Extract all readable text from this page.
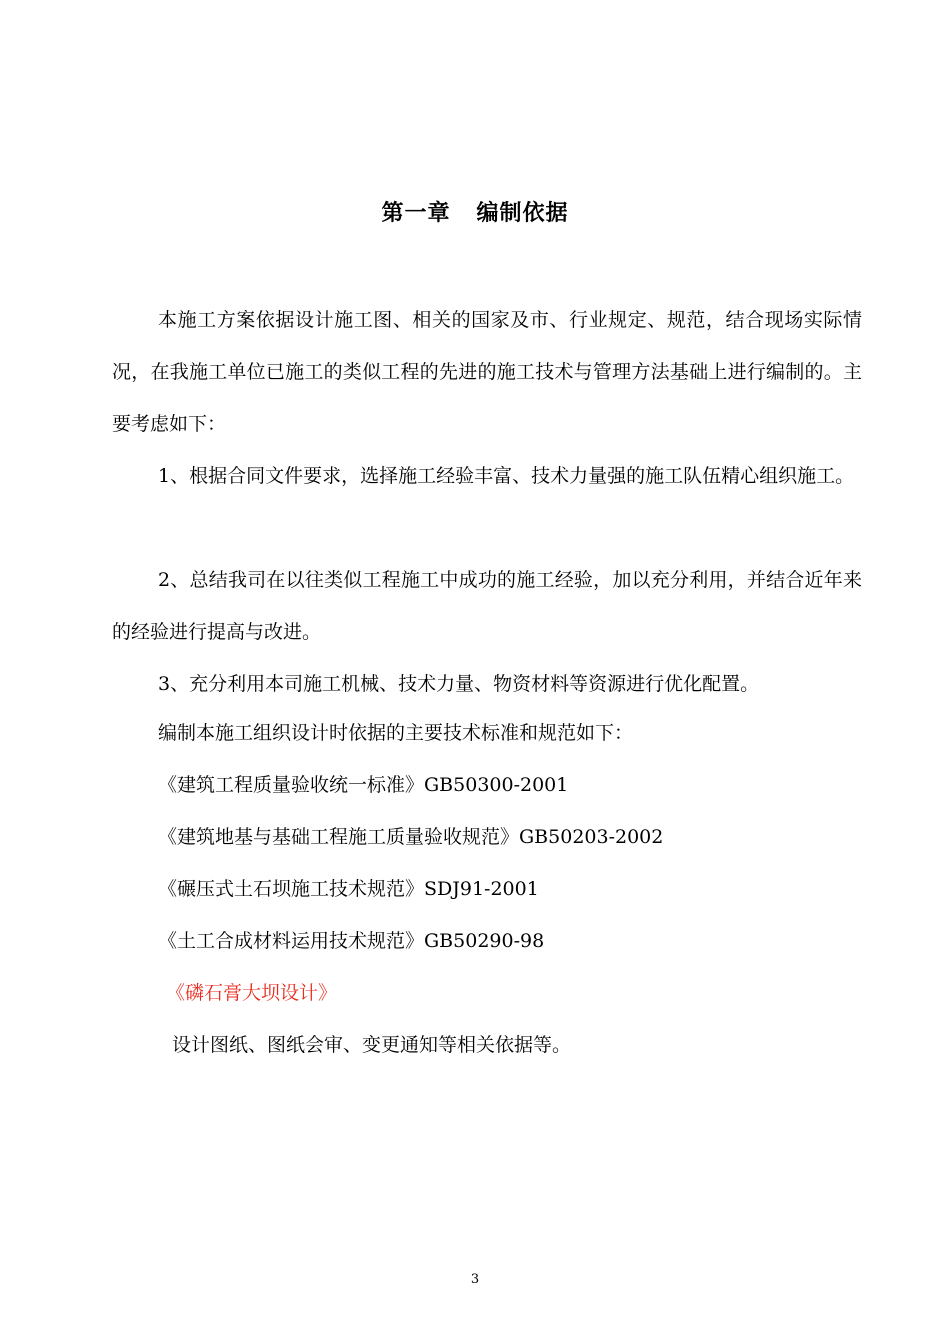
第一章   编制依据

本施工方案依据设计施工图、相关的国家及市、行业规定、规范，结合现场实际情况，在我施工单位已施工的类似工程的先进的施工技术与管理方法基础上进行编制的。主要考虑如下：

1、根据合同文件要求，选择施工经验丰富、技术力量强的施工队伍精心组织施工。

2、总结我司在以往类似工程施工中成功的施工经验，加以充分利用，并结合近年来的经验进行提高与改进。

3、充分利用本司施工机械、技术力量、物资材料等资源进行优化配置。

编制本施工组织设计时依据的主要技术标准和规范如下：
《建筑工程质量验收统一标准》GB50300-2001
《建筑地基与基础工程施工质量验收规范》GB50203-2002
《碾压式土石坝施工技术规范》SDJ91-2001
《土工合成材料运用技术规范》GB50290-98
《磷石膏大坝设计》
设计图纸、图纸会审、变更通知等相关依据等。
3
